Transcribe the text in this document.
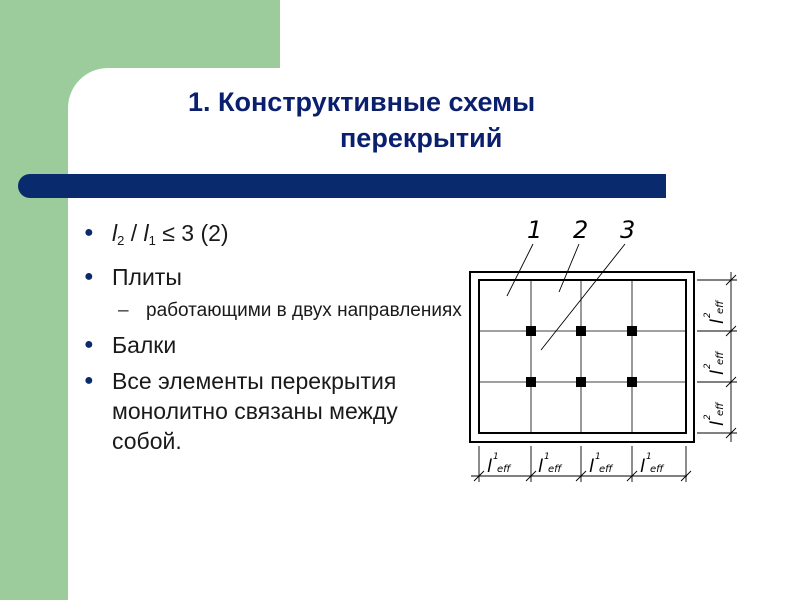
1. Конструктивные схемы
перекрытий
● $l_2 / l_1 \le 3$ (2)
● Плиты
– работающими в двух направлениях
● Балки
● Все элементы перекрытия монолитно связаны между собой.
1 2 3
l 1
eff l 1
eff l 1
eff l 1
eff
l
2
eff
l
2
eff
l
2
eff
